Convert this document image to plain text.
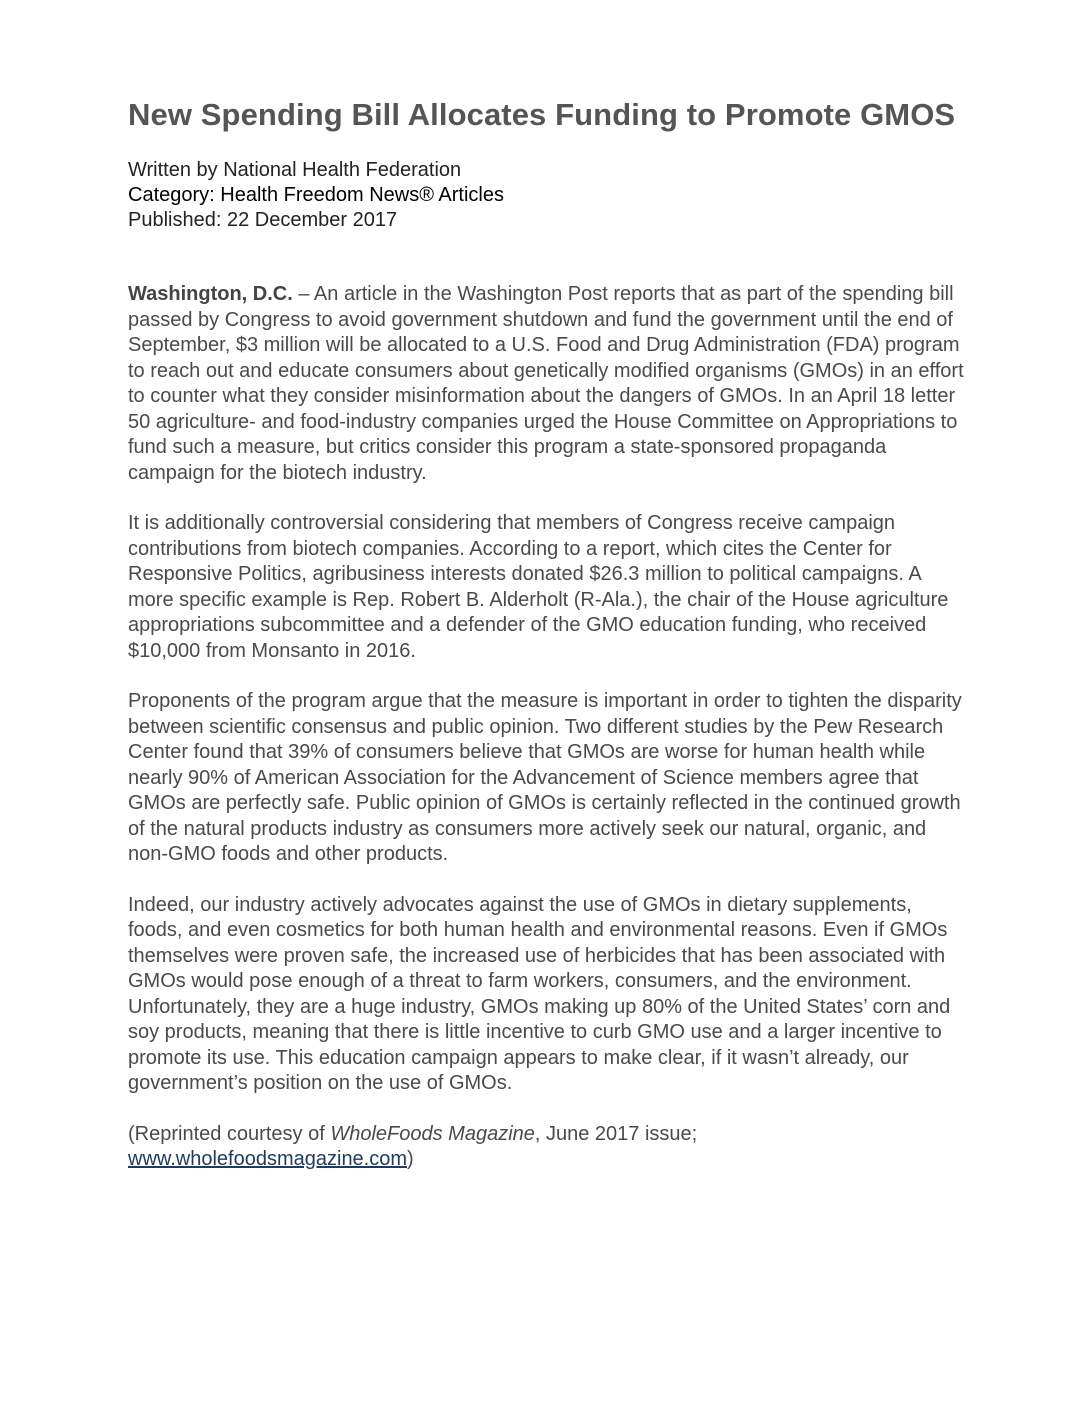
New Spending Bill Allocates Funding to Promote GMOS
Written by National Health Federation
Category: Health Freedom News® Articles
Published: 22 December 2017

Washington, D.C. – An article in the Washington Post reports that as part of the spending bill passed by Congress to avoid government shutdown and fund the government until the end of September, $3 million will be allocated to a U.S. Food and Drug Administration (FDA) program to reach out and educate consumers about genetically modified organisms (GMOs) in an effort to counter what they consider misinformation about the dangers of GMOs. In an April 18 letter 50 agriculture- and food-industry companies urged the House Committee on Appropriations to fund such a measure, but critics consider this program a state-sponsored propaganda campaign for the biotech industry.

It is additionally controversial considering that members of Congress receive campaign contributions from biotech companies. According to a report, which cites the Center for Responsive Politics, agribusiness interests donated $26.3 million to political campaigns. A more specific example is Rep. Robert B. Alderholt (R-Ala.), the chair of the House agriculture appropriations subcommittee and a defender of the GMO education funding, who received $10,000 from Monsanto in 2016.

Proponents of the program argue that the measure is important in order to tighten the disparity between scientific consensus and public opinion. Two different studies by the Pew Research Center found that 39% of consumers believe that GMOs are worse for human health while nearly 90% of American Association for the Advancement of Science members agree that GMOs are perfectly safe. Public opinion of GMOs is certainly reflected in the continued growth of the natural products industry as consumers more actively seek our natural, organic, and non-GMO foods and other products.

Indeed, our industry actively advocates against the use of GMOs in dietary supplements, foods, and even cosmetics for both human health and environmental reasons. Even if GMOs themselves were proven safe, the increased use of herbicides that has been associated with GMOs would pose enough of a threat to farm workers, consumers, and the environment. Unfortunately, they are a huge industry, GMOs making up 80% of the United States’ corn and soy products, meaning that there is little incentive to curb GMO use and a larger incentive to promote its use. This education campaign appears to make clear, if it wasn’t already, our government’s position on the use of GMOs.

(Reprinted courtesy of WholeFoods Magazine, June 2017 issue; www.wholefoodsmagazine.com)
